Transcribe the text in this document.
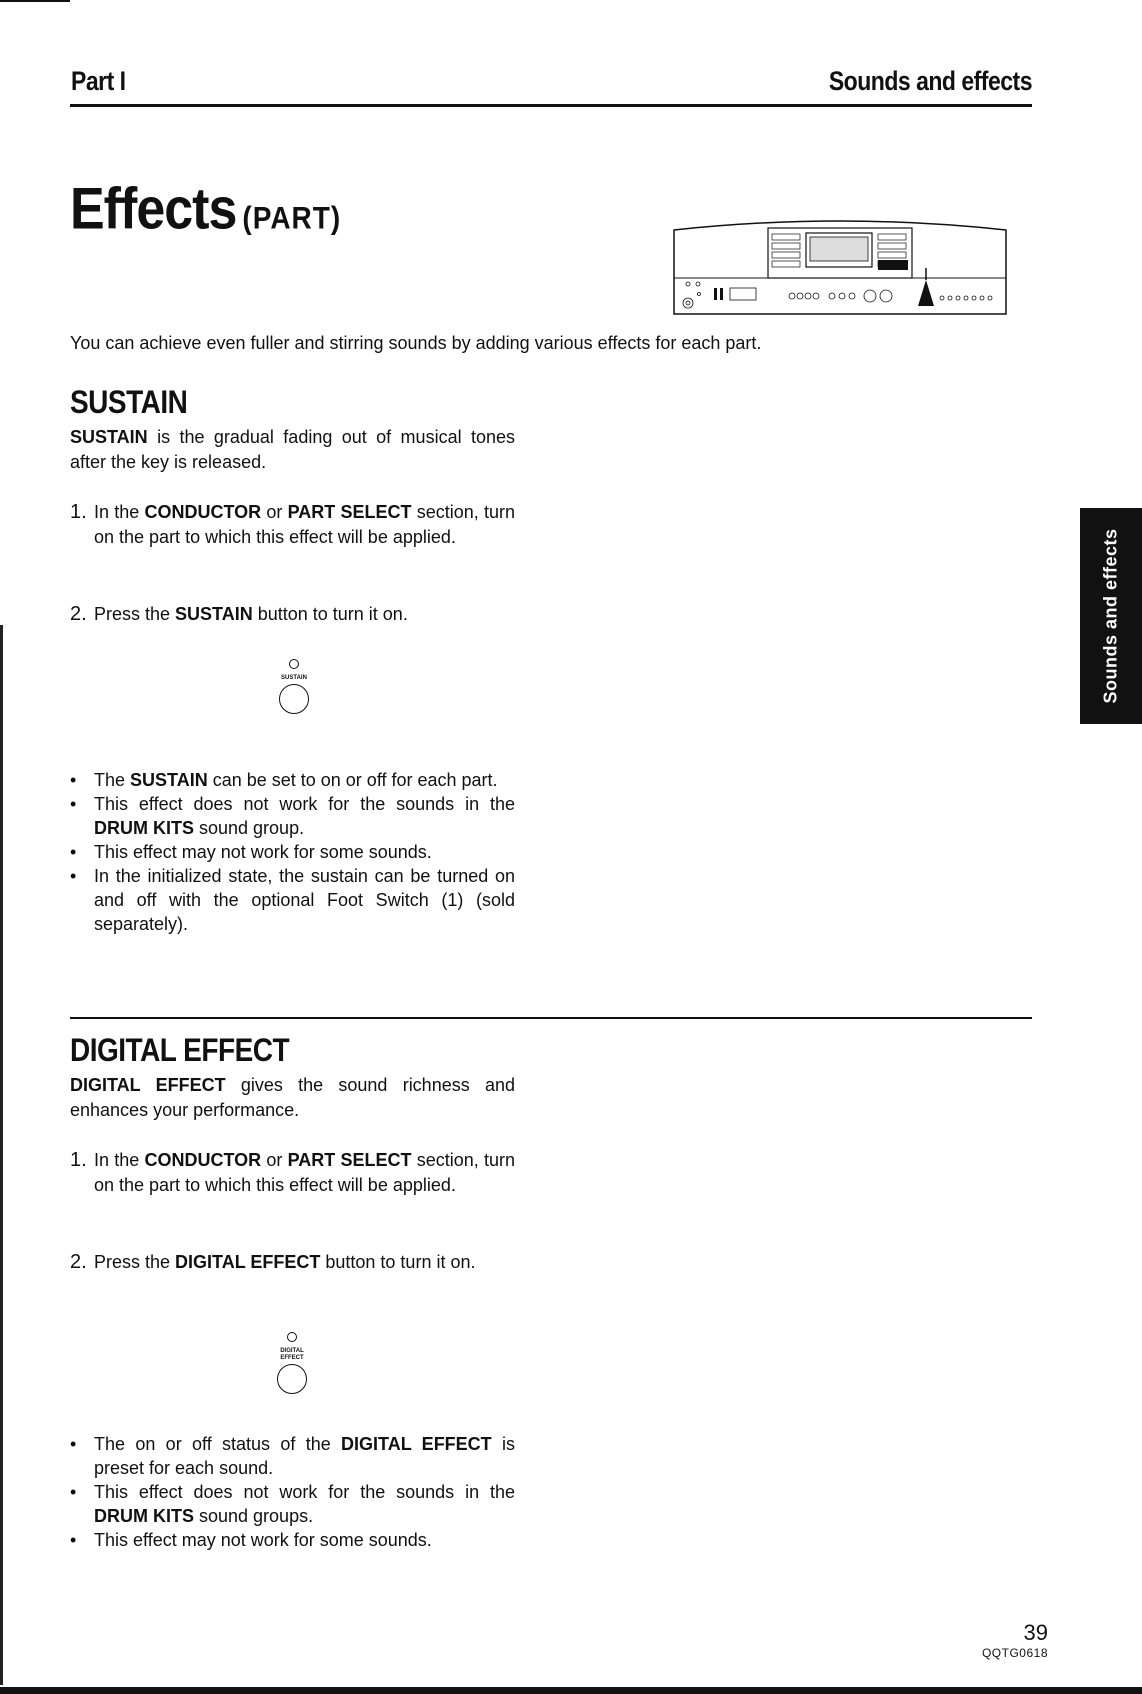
Part I	Sounds and effects
Effects (PART)
You can achieve even fuller and stirring sounds by adding various effects for each part.
SUSTAIN
SUSTAIN is the gradual fading out of musical tones after the key is released.
1. In the CONDUCTOR or PART SELECT section, turn on the part to which this effect will be applied.
2. Press the SUSTAIN button to turn it on.
SUSTAIN
• The SUSTAIN can be set to on or off for each part.
• This effect does not work for the sounds in the DRUM KITS sound group.
• This effect may not work for some sounds.
• In the initialized state, the sustain can be turned on and off with the optional Foot Switch (1) (sold separately).
DIGITAL EFFECT
DIGITAL EFFECT gives the sound richness and enhances your performance.
1. In the CONDUCTOR or PART SELECT section, turn on the part to which this effect will be applied.
2. Press the DIGITAL EFFECT button to turn it on.
DIGITAL
EFFECT
• The on or off status of the DIGITAL EFFECT is preset for each sound.
• This effect does not work for the sounds in the DRUM KITS sound groups.
• This effect may not work for some sounds.
Sounds and effects
39
QQTG0618
